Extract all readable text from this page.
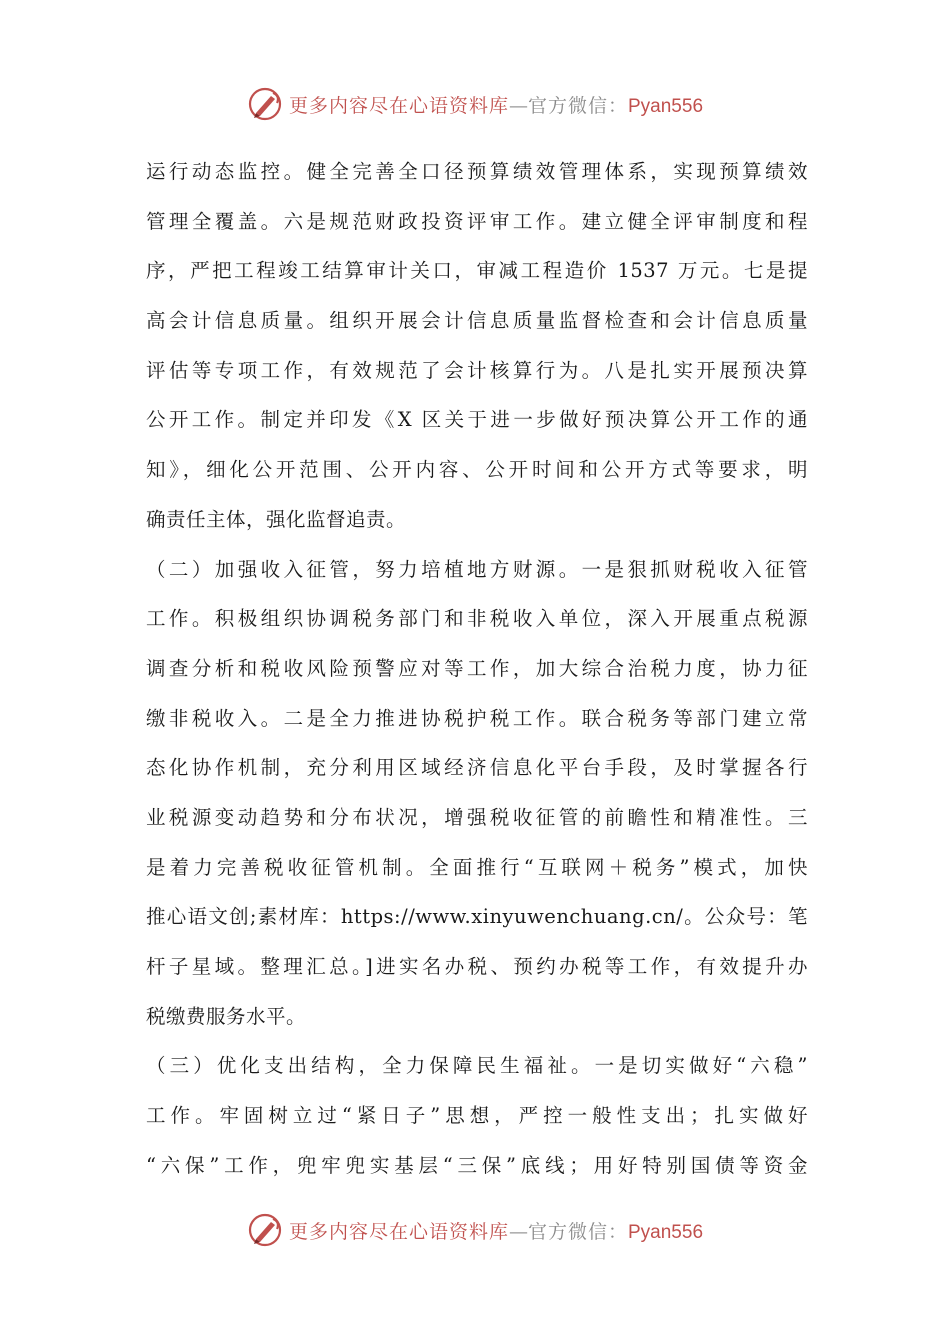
更多内容尽在心语资料库—官方微信：Pyan556
运行动态监控。健全完善全口径预算绩效管理体系，实现预算绩效
管理全覆盖。六是规范财政投资评审工作。建立健全评审制度和程
序，严把工程竣工结算审计关口，审减工程造价 1537 万元。七是提
高会计信息质量。组织开展会计信息质量监督检查和会计信息质量
评估等专项工作，有效规范了会计核算行为。八是扎实开展预决算
公开工作。制定并印发《X 区关于进一步做好预决算公开工作的通
知》，细化公开范围、公开内容、公开时间和公开方式等要求，明
确责任主体，强化监督追责。
（二）加强收入征管，努力培植地方财源。一是狠抓财税收入征管
工作。积极组织协调税务部门和非税收入单位，深入开展重点税源
调查分析和税收风险预警应对等工作，加大综合治税力度，协力征
缴非税收入。二是全力推进协税护税工作。联合税务等部门建立常
态化协作机制，充分利用区域经济信息化平台手段，及时掌握各行
业税源变动趋势和分布状况，增强税收征管的前瞻性和精准性。三
是着力完善税收征管机制。全面推行“互联网＋税务”模式，加快
推心语文创;素材库：https://www.xinyuwenchuang.cn/。公众号：笔
杆子星域。整理汇总。]进实名办税、预约办税等工作，有效提升办
税缴费服务水平。
（三）优化支出结构，全力保障民生福祉。一是切实做好“六稳”
工作。牢固树立过“紧日子”思想，严控一般性支出；扎实做好
“六保”工作，兜牢兜实基层“三保”底线；用好特别国债等资金
更多内容尽在心语资料库—官方微信：Pyan556
